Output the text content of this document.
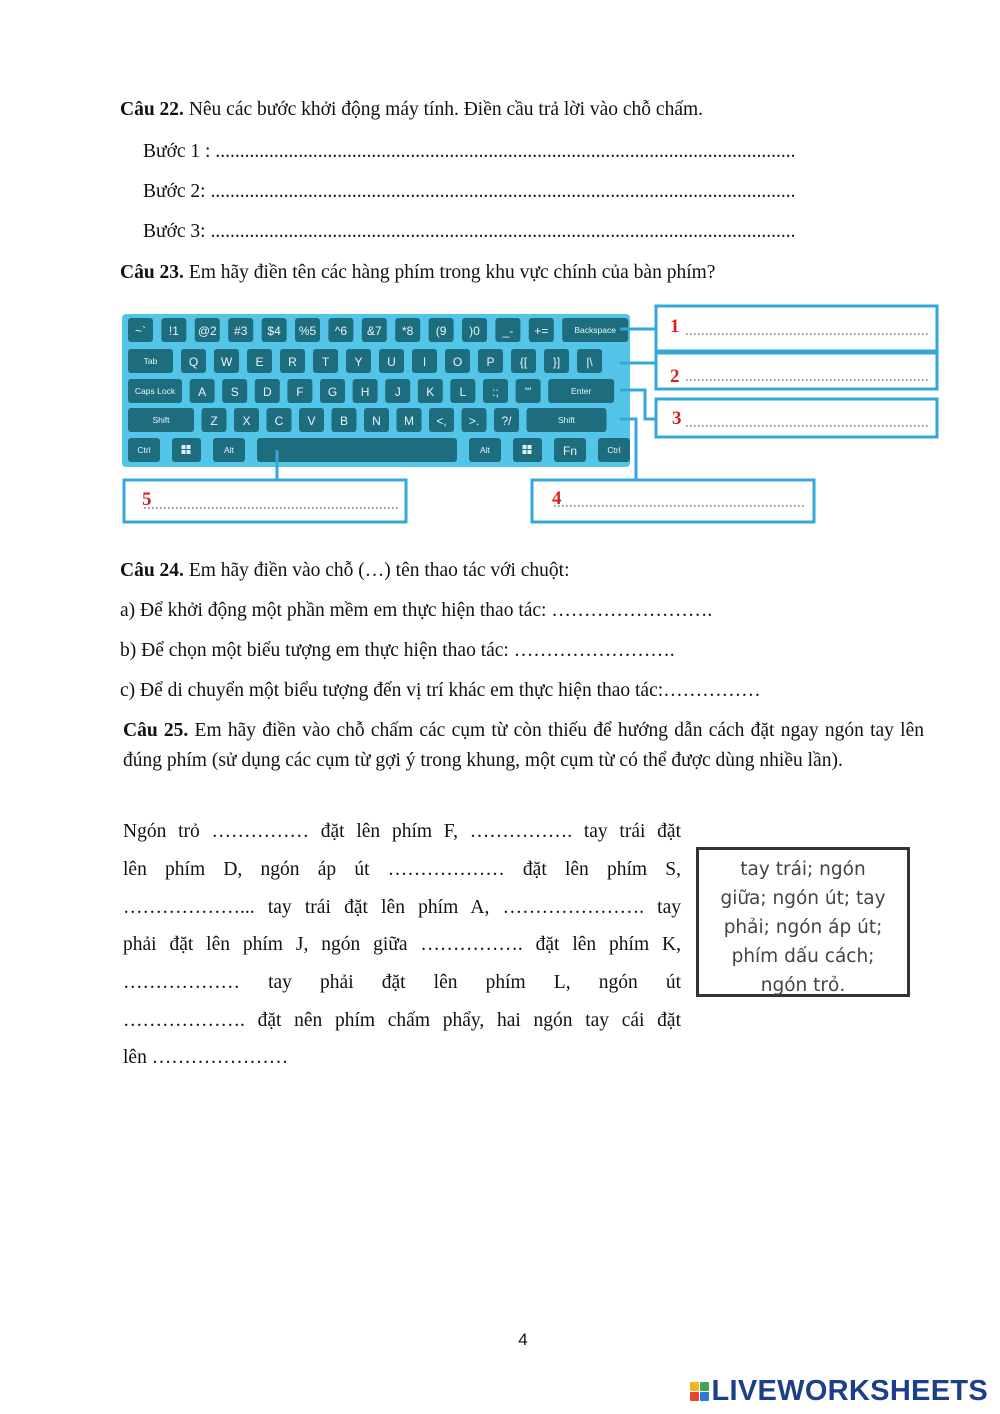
Câu 22. Nêu các bước khởi động máy tính. Điền cầu trả lời vào chỗ chấm.
Bước 1 : .......................................................................................................................
Bước 2: ........................................................................................................................
Bước 3: ........................................................................................................................
Câu 23. Em hãy điền tên các hàng phím trong khu vực chính của bàn phím?
~` !1 @2 #3 $4 %5 ^6 &7 *8 (9 )0 _- +=	Backspace
Tab	Q W E R T Y U I O P {[ }] |\
Caps Lock A S D F G H J K L :; "'	Enter
Shift	Z X C V B N M <, >. ?/	Shift
Ctrl	Alt	Alt	Fn	Ctrl
1
2
3
4
5
Câu 24. Em hãy điền vào chỗ (…) tên thao tác với chuột:
a) Để khởi động một phần mềm em thực hiện thao tác: …………………….
b) Để chọn một biểu tượng em thực hiện thao tác: …………………….
c) Để di chuyển một biểu tượng đến vị trí khác em thực hiện thao tác:……………
Câu 25. Em hãy điền vào chỗ chấm các cụm từ còn thiếu để hướng dẫn cách đặt ngay ngón tay lên đúng phím (sử dụng các cụm từ gợi ý trong khung, một cụm từ có thể được dùng nhiều lần).
Ngón trỏ …………… đặt lên phím F, ……………. tay trái đặt
lên phím D, ngón áp út ……………… đặt lên phím S,
………………... tay trái đặt lên phím A, …………………. tay
phải đặt lên phím J, ngón giữa ……………. đặt lên phím K,
……………… tay phải đặt lên phím L, ngón út
………………. đặt nên phím chấm phẩy, hai ngón tay cái đặt
lên …………………
tay trái; ngón
giữa; ngón út; tay
phải; ngón áp út;
phím dấu cách;
ngón trỏ.
4
LIVEWORKSHEETS
